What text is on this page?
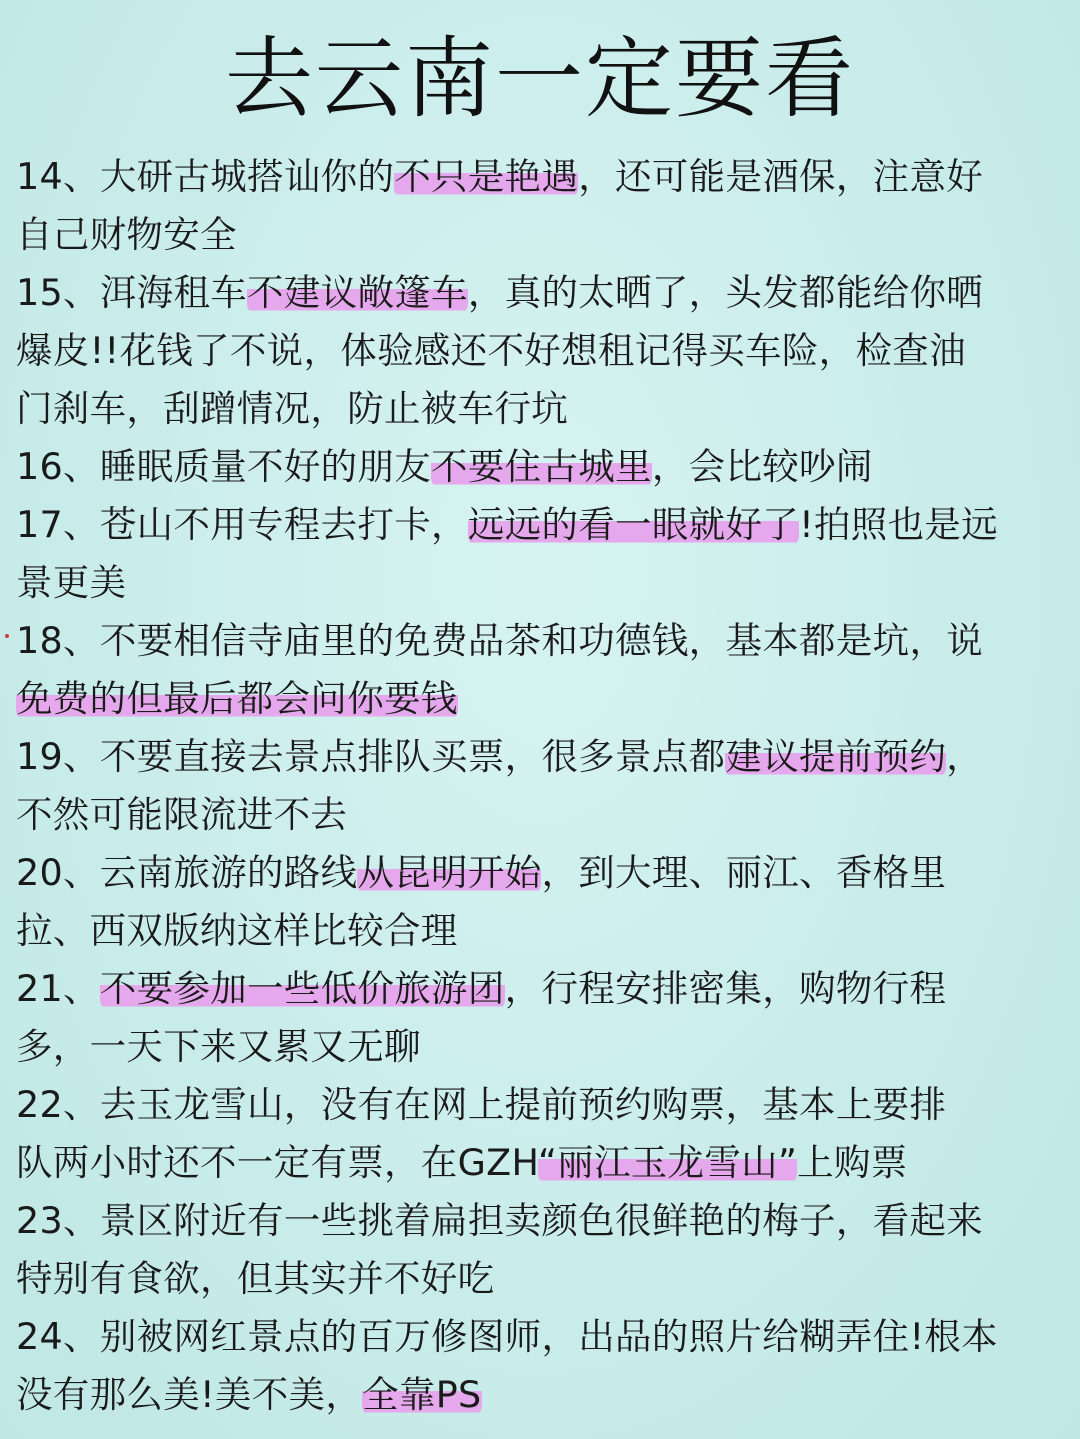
去云南一定要看
14、大研古城搭讪你的不只是艳遇，还可能是酒保，注意好
自己财物安全
15、洱海租车不建议敞篷车，真的太晒了，头发都能给你晒
爆皮!!花钱了不说，体验感还不好想租记得买车险，检查油
门刹车，刮蹭情况，防止被车行坑
16、睡眠质量不好的朋友不要住古城里，会比较吵闹
17、苍山不用专程去打卡，远远的看一眼就好了!拍照也是远
景更美
18、不要相信寺庙里的免费品茶和功德钱，基本都是坑，说
免费的但最后都会问你要钱
19、不要直接去景点排队买票，很多景点都建议提前预约，
不然可能限流进不去
20、云南旅游的路线从昆明开始，到大理、丽江、香格里
拉、西双版纳这样比较合理
21、不要参加一些低价旅游团，行程安排密集，购物行程
多，一天下来又累又无聊
22、去玉龙雪山，没有在网上提前预约购票，基本上要排
队两小时还不一定有票，在GZH“丽江玉龙雪山”上购票
23、景区附近有一些挑着扁担卖颜色很鲜艳的梅子，看起来
特别有食欲，但其实并不好吃
24、别被网红景点的百万修图师，出品的照片给糊弄住!根本
没有那么美!美不美，全靠PS
